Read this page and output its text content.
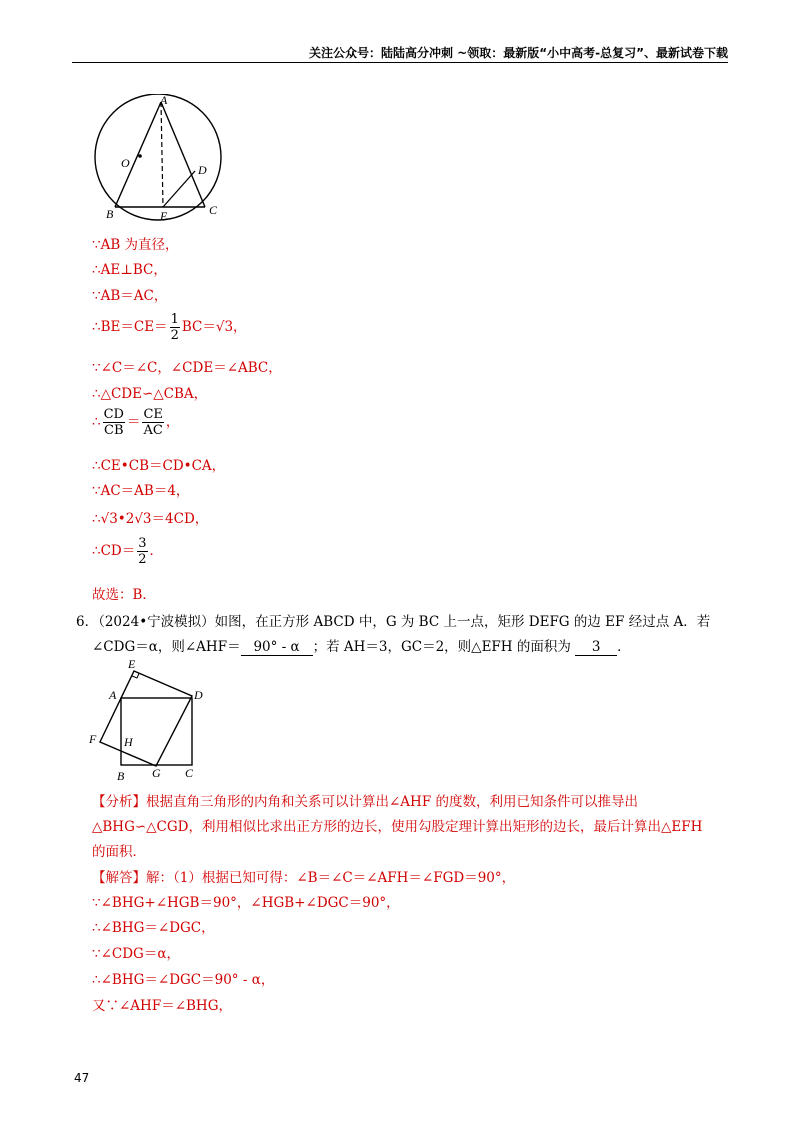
关注公众号：陆陆高分冲刺 ~领取：最新版“小中高考-总复习”、最新试卷下载
A
O	D
B	E	C
∵AB 为直径，
∴AE⊥BC，
∵AB＝AC，
∴BE＝CE＝ $\frac{1}{2} BC=√3$，
∵∠C＝∠C，∠CDE＝∠ABC，
∴△CDE∽△CBA，
∴ $\frac{CD}{CB} = \frac{CE}{AC}$ ，
∴CE•CB＝CD•CA，
∵AC＝AB＝4，
∴√3•2√3＝4CD，
∴CD＝ $\frac{3}{2}$ ．
故选：B．
6．（2024•宁波模拟）如图，在正方形 ABCD 中，G 为 BC 上一点，矩形 DEFG 的边 EF 经过点 A．若
∠CDG＝α，则∠AHF＝ 90° - α ；若 AH＝3，GC＝2，则△EFH 的面积为 3 ．
E
A	D
F H
B G C
【分析】根据直角三角形的内角和关系可以计算出∠AHF 的度数，利用已知条件可以推导出
△BHG∽△CGD，利用相似比求出正方形的边长，使用勾股定理计算出矩形的边长，最后计算出△EFH
的面积．
【解答】解：（1）根据已知可得：∠B＝∠C＝∠AFH＝∠FGD＝90°，
∵∠BHG+∠HGB＝90°，∠HGB+∠DGC＝90°，
∴∠BHG＝∠DGC，
∵∠CDG＝α，
∴∠BHG＝∠DGC＝90° - α，
又∵∠AHF＝∠BHG，
47
